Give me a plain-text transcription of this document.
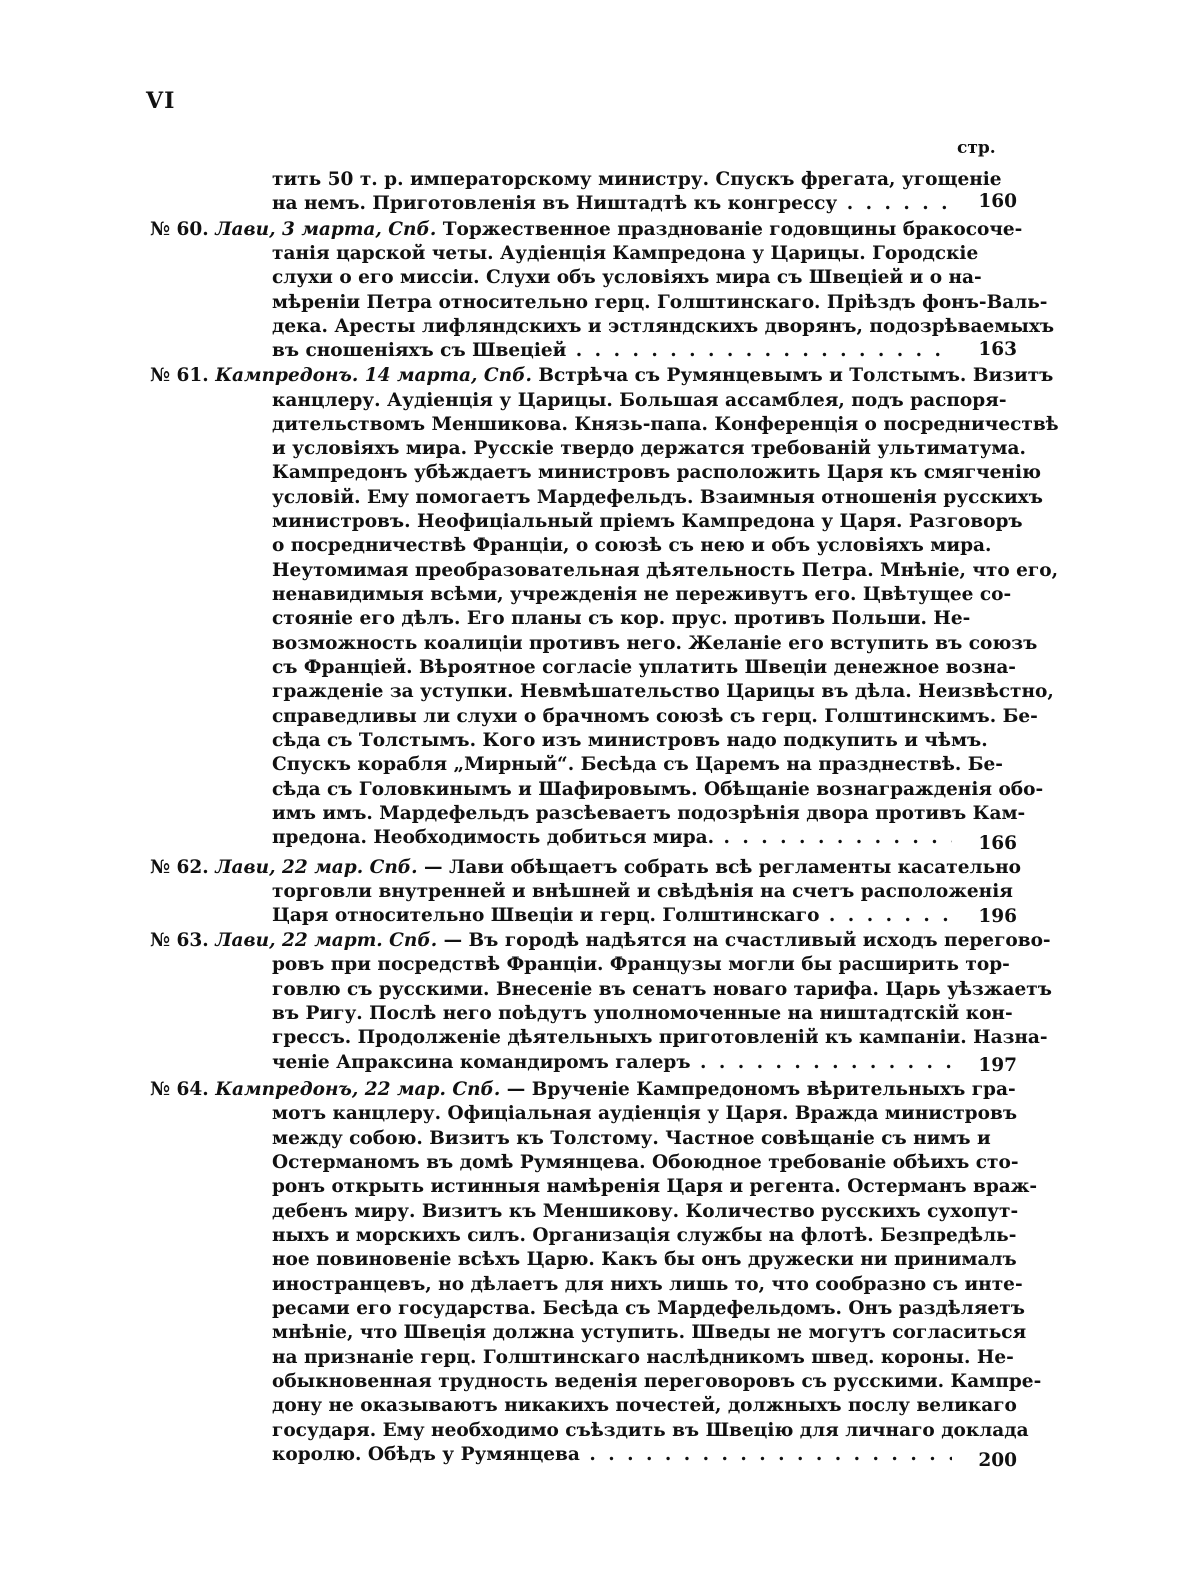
VI
стр.
тить 50 т. р. императорскому министру. Спускъ фрегата, угощеніе
на немъ. Приготовленія въ Ништадтѣ къ конгрессу . . .	160
№ 60. Лави, 3 марта, Спб. Торжественное празднованіе годовщины бракосоче-
танія царской четы. Аудіенція Кампредона у Царицы. Городскіе
слухи о его миссіи. Слухи объ условіяхъ мира съ Швеціей и о на-
мѣреніи Петра относительно герц. Голштинскаго. Пріѣздъ фонъ-Валь-
дека. Аресты лифляндскихъ и эстляндскихъ дворянъ, подозрѣваемыхъ
въ сношеніяхъ съ Швеціей . . .	163
№ 61. Кампредонъ. 14 марта, Спб. Встрѣча съ Румянцевымъ и Толстымъ. Визитъ
канцлеру. Аудіенція у Царицы. Большая ассамблея, подъ распоря-
дительствомъ Меншикова. Князь-папа. Конференція о посредничествѣ
и условіяхъ мира. Русскіе твердо держатся требованій ультиматума.
Кампредонъ убѣждаетъ министровъ расположить Царя къ смягченію
условій. Ему помогаетъ Мардефельдъ. Взаимныя отношенія русскихъ
министровъ. Неофиціальный пріемъ Кампредона у Царя. Разговоръ
о посредничествѣ Франціи, о союзѣ съ нею и объ условіяхъ мира.
Неутомимая преобразовательная дѣятельность Петра. Мнѣніе, что его,
ненавидимыя всѣми, учрежденія не переживутъ его. Цвѣтущее со-
стояніе его дѣлъ. Его планы съ кор. прус. противъ Польши. Не-
возможность коалиціи противъ него. Желаніе его вступить въ союзъ
съ Франціей. Вѣроятное согласіе уплатить Швеціи денежное возна-
гражденіе за уступки. Невмѣшательство Царицы въ дѣла. Неизвѣстно,
справедливы ли слухи о брачномъ союзѣ съ герц. Голштинскимъ. Бе-
сѣда съ Толстымъ. Кого изъ министровъ надо подкупить и чѣмъ.
Спускъ корабля „Мирный“. Бесѣда съ Царемъ на празднествѣ. Бе-
сѣда съ Головкинымъ и Шафировымъ. Обѣщаніе вознагражденія обо-
имъ имъ. Мардефельдъ разсѣеваетъ подозрѣнія двора противъ Кам-
предона. Необходимость добиться мира. . . .	166
№ 62. Лави, 22 мар. Спб. — Лави обѣщаетъ собрать всѣ регламенты касательно
торговли внутренней и внѣшней и свѣдѣнія на счетъ расположенія
Царя относительно Швеціи и герц. Голштинскаго . . .	196
№ 63. Лави, 22 март. Спб. — Въ городѣ надѣятся на счастливый исходъ перегово-
ровъ при посредствѣ Франціи. Французы могли бы расширить тор-
говлю съ русскими. Внесеніе въ сенатъ новаго тарифа. Царь уѣзжаетъ
въ Ригу. Послѣ него поѣдутъ уполномоченные на ништадтскій кон-
грессъ. Продолженіе дѣятельныхъ приготовленій къ кампаніи. Назна-
ченіе Апраксина командиромъ галеръ . . .	197
№ 64. Кампредонъ, 22 мар. Спб. — Врученіе Кампредономъ вѣрительныхъ гра-
мотъ канцлеру. Офиціальная аудіенція у Царя. Вражда министровъ
между собою. Визитъ къ Толстому. Частное совѣщаніе съ нимъ и
Остерманомъ въ домѣ Румянцева. Обоюдное требованіе обѣихъ сто-
ронъ открыть истинныя намѣренія Царя и регента. Остерманъ враж-
дебенъ миру. Визитъ къ Меншикову. Количество русскихъ сухопут-
ныхъ и морскихъ силъ. Организація службы на флотѣ. Безпредѣль-
ное повиновеніе всѣхъ Царю. Какъ бы онъ дружески ни принималъ
иностранцевъ, но дѣлаетъ для нихъ лишь то, что сообразно съ инте-
ресами его государства. Бесѣда съ Мардефельдомъ. Онъ раздѣляетъ
мнѣніе, что Швеція должна уступить. Шведы не могутъ согласиться
на признаніе герц. Голштинскаго наслѣдникомъ швед. короны. Не-
обыкновенная трудность веденія переговоровъ съ русскими. Кампре-
дону не оказываютъ никакихъ почестей, должныхъ послу великаго
государя. Ему необходимо съѣздить въ Швецію для личнаго доклада
королю. Обѣдъ у Румянцева . . .	200
